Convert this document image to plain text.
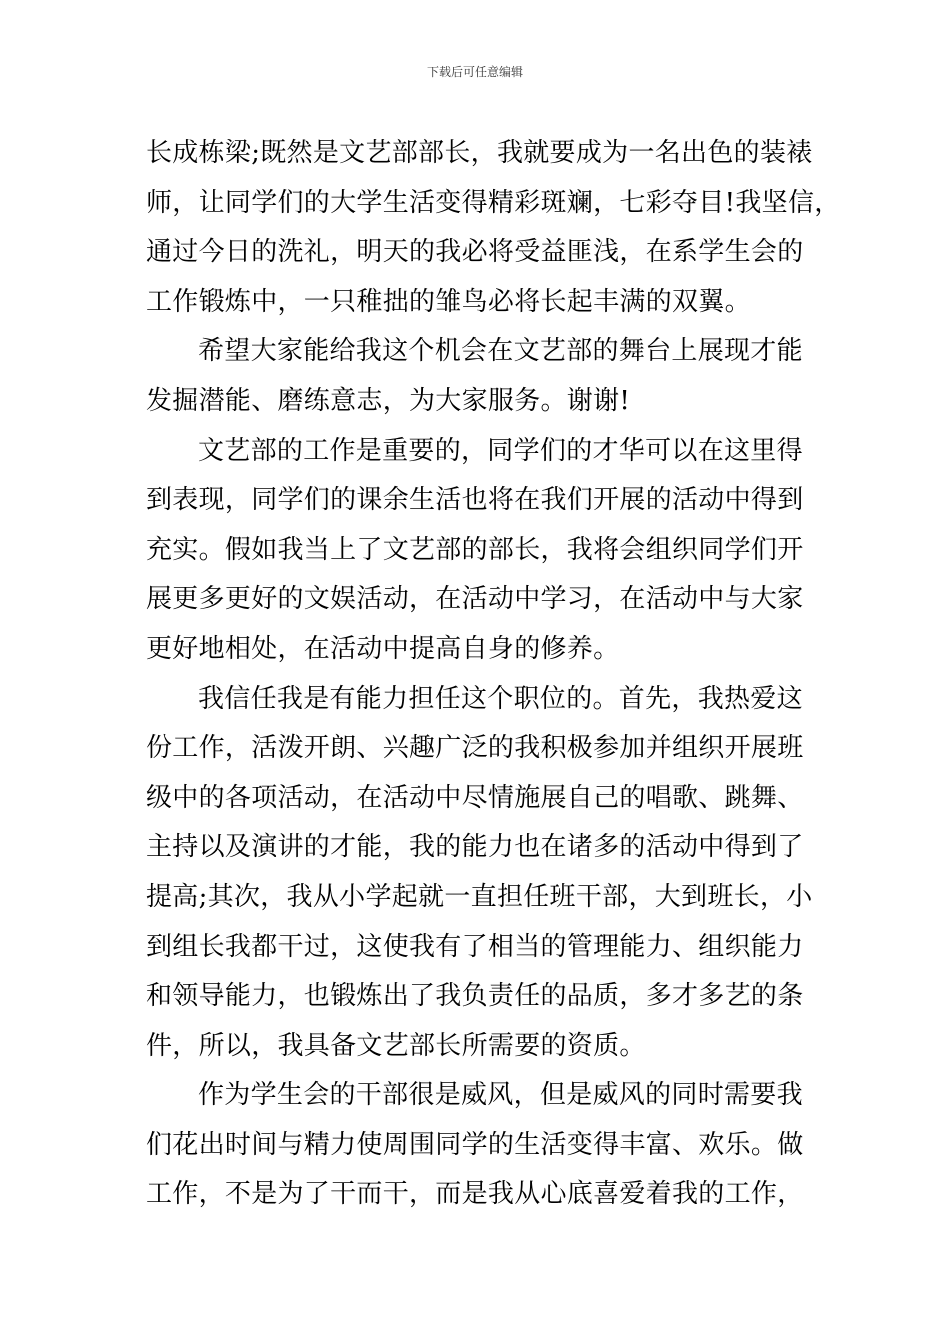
下载后可任意编辑
长成栋梁;既然是文艺部部长，我就要成为一名出色的装裱
师，让同学们的大学生活变得精彩斑斓，七彩夺目!我坚信，
通过今日的洗礼，明天的我必将受益匪浅，在系学生会的
工作锻炼中，一只稚拙的雏鸟必将长起丰满的双翼。
希望大家能给我这个机会在文艺部的舞台上展现才能
发掘潜能、磨练意志，为大家服务。谢谢!
文艺部的工作是重要的，同学们的才华可以在这里得
到表现，同学们的课余生活也将在我们开展的活动中得到
充实。假如我当上了文艺部的部长，我将会组织同学们开
展更多更好的文娱活动，在活动中学习，在活动中与大家
更好地相处，在活动中提高自身的修养。
我信任我是有能力担任这个职位的。首先，我热爱这
份工作，活泼开朗、兴趣广泛的我积极参加并组织开展班
级中的各项活动，在活动中尽情施展自己的唱歌、跳舞、
主持以及演讲的才能，我的能力也在诸多的活动中得到了
提高;其次，我从小学起就一直担任班干部，大到班长，小
到组长我都干过，这使我有了相当的管理能力、组织能力
和领导能力，也锻炼出了我负责任的品质，多才多艺的条
件，所以，我具备文艺部长所需要的资质。
作为学生会的干部很是威风，但是威风的同时需要我
们花出时间与精力使周围同学的生活变得丰富、欢乐。做
工作，不是为了干而干，而是我从心底喜爱着我的工作，
